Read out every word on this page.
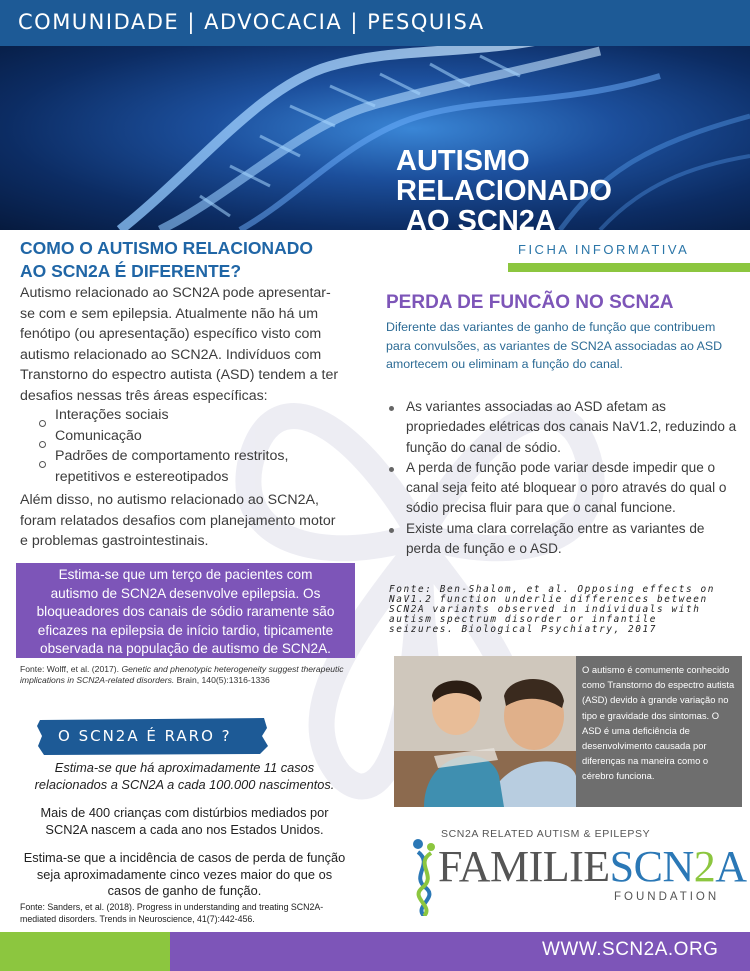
COMUNIDADE | ADVOCACIA | PESQUISA
AUTISMO RELACIONADO
AO SCN2A
COMO O AUTISMO RELACIONADO
AO SCN2A É DIFERENTE?

Autismo relacionado ao SCN2A pode apresentar-se com e sem epilepsia. Atualmente não há um fenótipo (ou apresentação) específico visto com autismo relacionado ao SCN2A. Indivíduos com Transtorno do espectro autista (ASD) tendem a ter desafios nessas três áreas específicas:

Interações sociais
Comunicação
Padrões de comportamento restritos, repetitivos e estereotipados

Além disso, no autismo relacionado ao SCN2A, foram relatados desafios com planejamento motor e problemas gastrointestinais.

Estima-se que um terço de pacientes com
autismo de SCN2A desenvolve epilepsia. Os
bloqueadores dos canais de sódio raramente são
eficazes na epilepsia de início tardio, tipicamente
observada na população de autismo de SCN2A.

Fonte: Wolff, et al. (2017). Genetic and phenotypic heterogeneity suggest therapeutic implications in SCN2A-related disorders. Brain, 140(5):1316-1336

O SCN2A É RARO ?

Estima-se que há aproximadamente 11 casos relacionados a SCN2A a cada 100.000 nascimentos.

Mais de 400 crianças com distúrbios mediados por SCN2A nascem a cada ano nos Estados Unidos.

Estima-se que a incidência de casos de perda de função seja aproximadamente cinco vezes maior do que os casos de ganho de função.

Fonte: Sanders, et al. (2018). Progress in understanding and treating SCN2A-mediated disorders. Trends in Neuroscience, 41(7):442-456.

FICHA INFORMATIVA
PERDA DE FUNCÃO NO SCN2A

Diferente das variantes de ganho de função que contribuem para convulsões, as variantes de SCN2A associadas ao ASD amortecem ou eliminam a função do canal.

As variantes associadas ao ASD afetam as propriedades elétricas dos canais NaV1.2, reduzindo a função do canal de sódio.
A perda de função pode variar desde impedir que o canal seja feito até bloquear o poro através do qual o sódio precisa fluir para que o canal funcione.
Existe uma clara correlação entre as variantes de perda de função e o ASD.

Fonte: Ben-Shalom, et al. Opposing effects on NaV1.2 function underlie differences between SCN2A variants observed in individuals with autism spectrum disorder or infantile seizures. Biological Psychiatry, 2017

O autismo é comumente conhecido como Transtorno do espectro autista (ASD) devido à grande variação no tipo e gravidade dos sintomas. O ASD é uma deficiência de desenvolvimento causada por diferenças na maneira como o cérebro funciona.

SCN2A RELATED AUTISM & EPILEPSY
FAMILIESCN2A
FOUNDATION
WWW.SCN2A.ORG
